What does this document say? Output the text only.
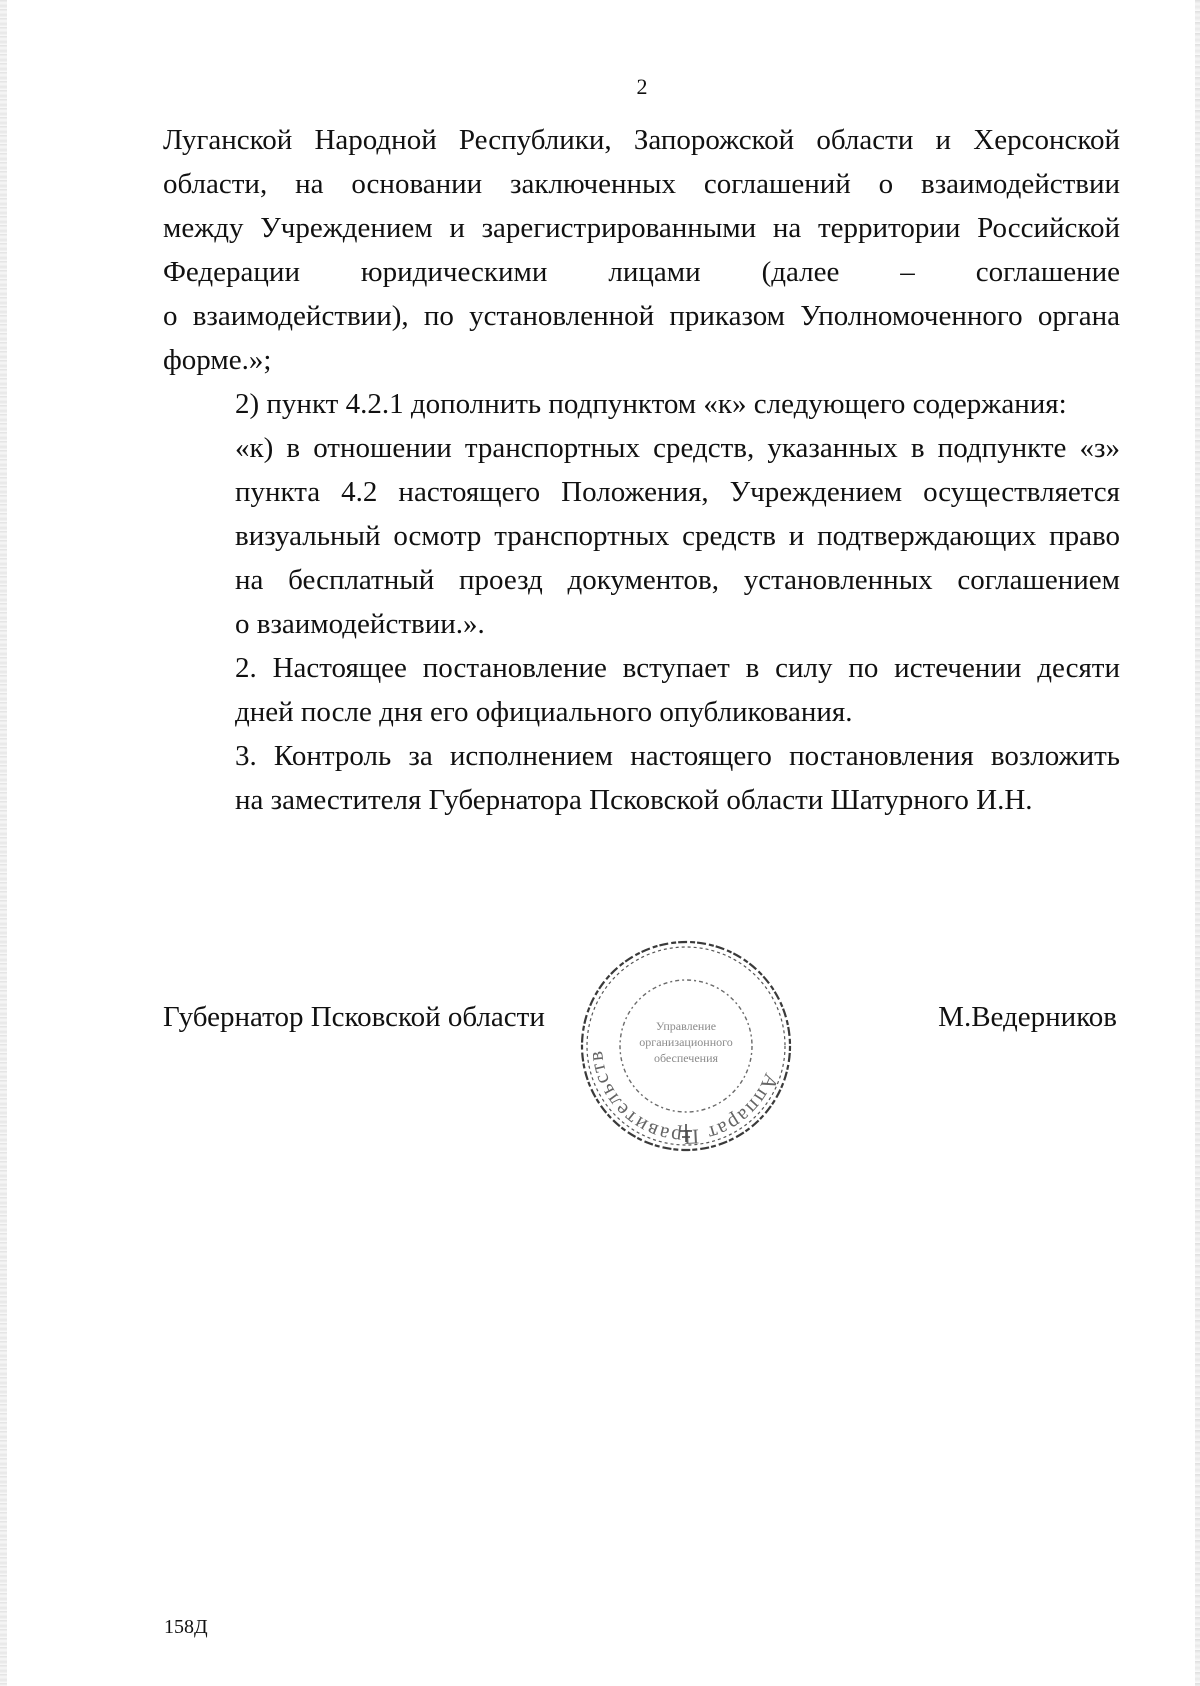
2

Луганской Народной Республики, Запорожской области и Херсонской
области, на основании заключенных соглашений о взаимодействии
между Учреждением и зарегистрированными на территории Российской
Федерации юридическими лицами (далее – соглашение
о взаимодействии), по установленной приказом Уполномоченного органа
форме.»;

2) пункт 4.2.1 дополнить подпунктом «к» следующего содержания:

«к) в отношении транспортных средств, указанных в подпункте «з»
пункта 4.2 настоящего Положения, Учреждением осуществляется
визуальный осмотр транспортных средств и подтверждающих право
на бесплатный проезд документов, установленных соглашением
о взаимодействии.».

2. Настоящее постановление вступает в силу по истечении десяти
дней после дня его официального опубликования.

3. Контроль за исполнением настоящего постановления возложить
на заместителя Губернатора Псковской области Шатурного И.Н.

Губернатор Псковской области	М.Ведерников
Аппарат Правительств
Управление
организационного
обеспечения
158Д
